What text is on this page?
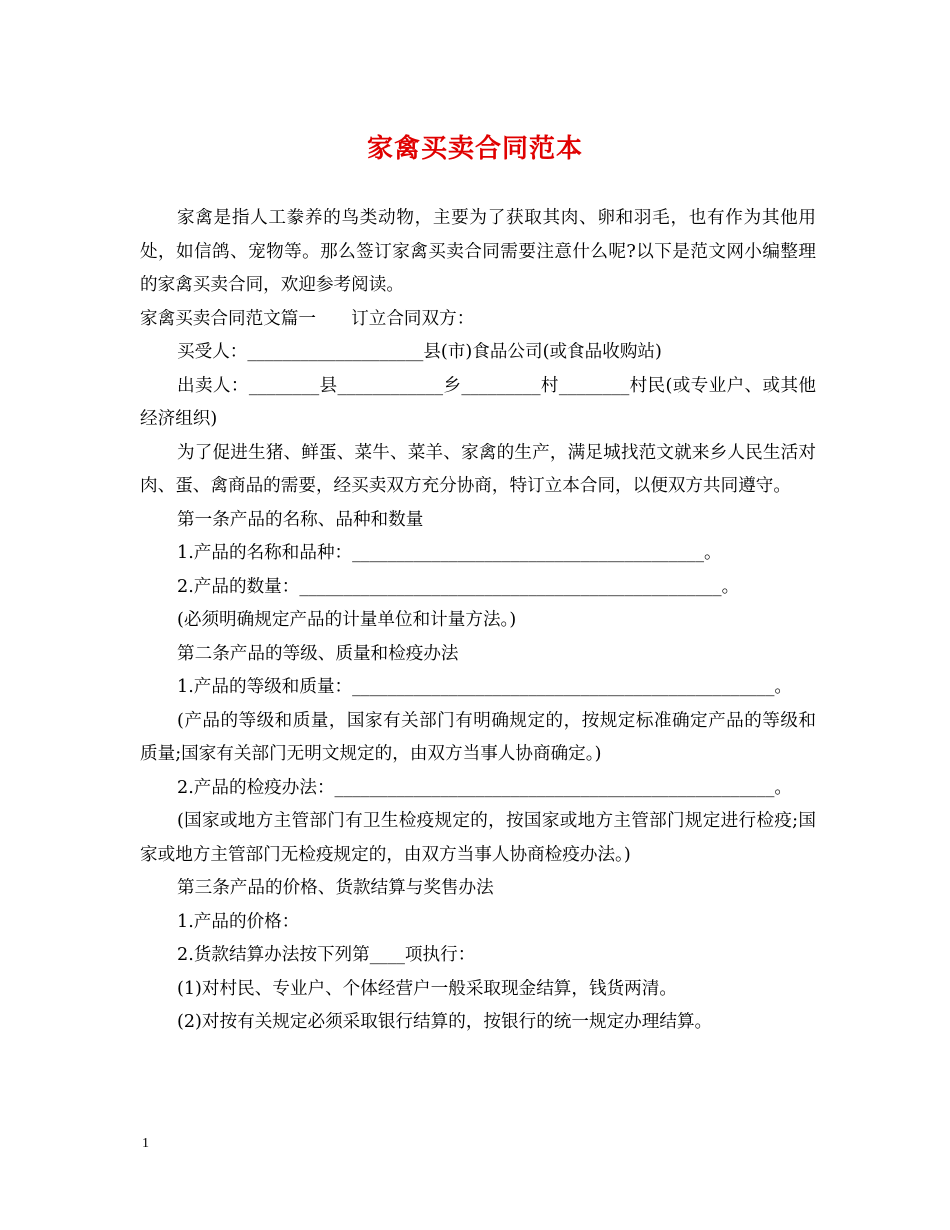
家禽买卖合同范本

家禽是指人工豢养的鸟类动物，主要为了获取其肉、卵和羽毛，也有作为其他用处，如信鸽、宠物等。那么签订家禽买卖合同需要注意什么呢?以下是范文网小编整理的家禽买卖合同，欢迎参考阅读。

家禽买卖合同范文篇一　　订立合同双方：

买受人：____________________县(市)食品公司(或食品收购站)

出卖人：________县____________乡_________村________村民(或专业户、或其他经济组织)

为了促进生猪、鲜蛋、菜牛、菜羊、家禽的生产，满足城找范文就来乡人民生活对肉、蛋、禽商品的需要，经买卖双方充分协商，特订立本合同，以便双方共同遵守。

第一条产品的名称、品种和数量

1.产品的名称和品种：________________________________________。

2.产品的数量：________________________________________________。

(必须明确规定产品的计量单位和计量方法。)

第二条产品的等级、质量和检疫办法

1.产品的等级和质量：________________________________________________。

(产品的等级和质量，国家有关部门有明确规定的，按规定标准确定产品的等级和质量;国家有关部门无明文规定的，由双方当事人协商确定。)

2.产品的检疫办法：__________________________________________________。

(国家或地方主管部门有卫生检疫规定的，按国家或地方主管部门规定进行检疫;国家或地方主管部门无检疫规定的，由双方当事人协商检疫办法。)

第三条产品的价格、货款结算与奖售办法

1.产品的价格：

2.货款结算办法按下列第____项执行：

(1)对村民、专业户、个体经营户一般采取现金结算，钱货两清。

(2)对按有关规定必须采取银行结算的，按银行的统一规定办理结算。

1
